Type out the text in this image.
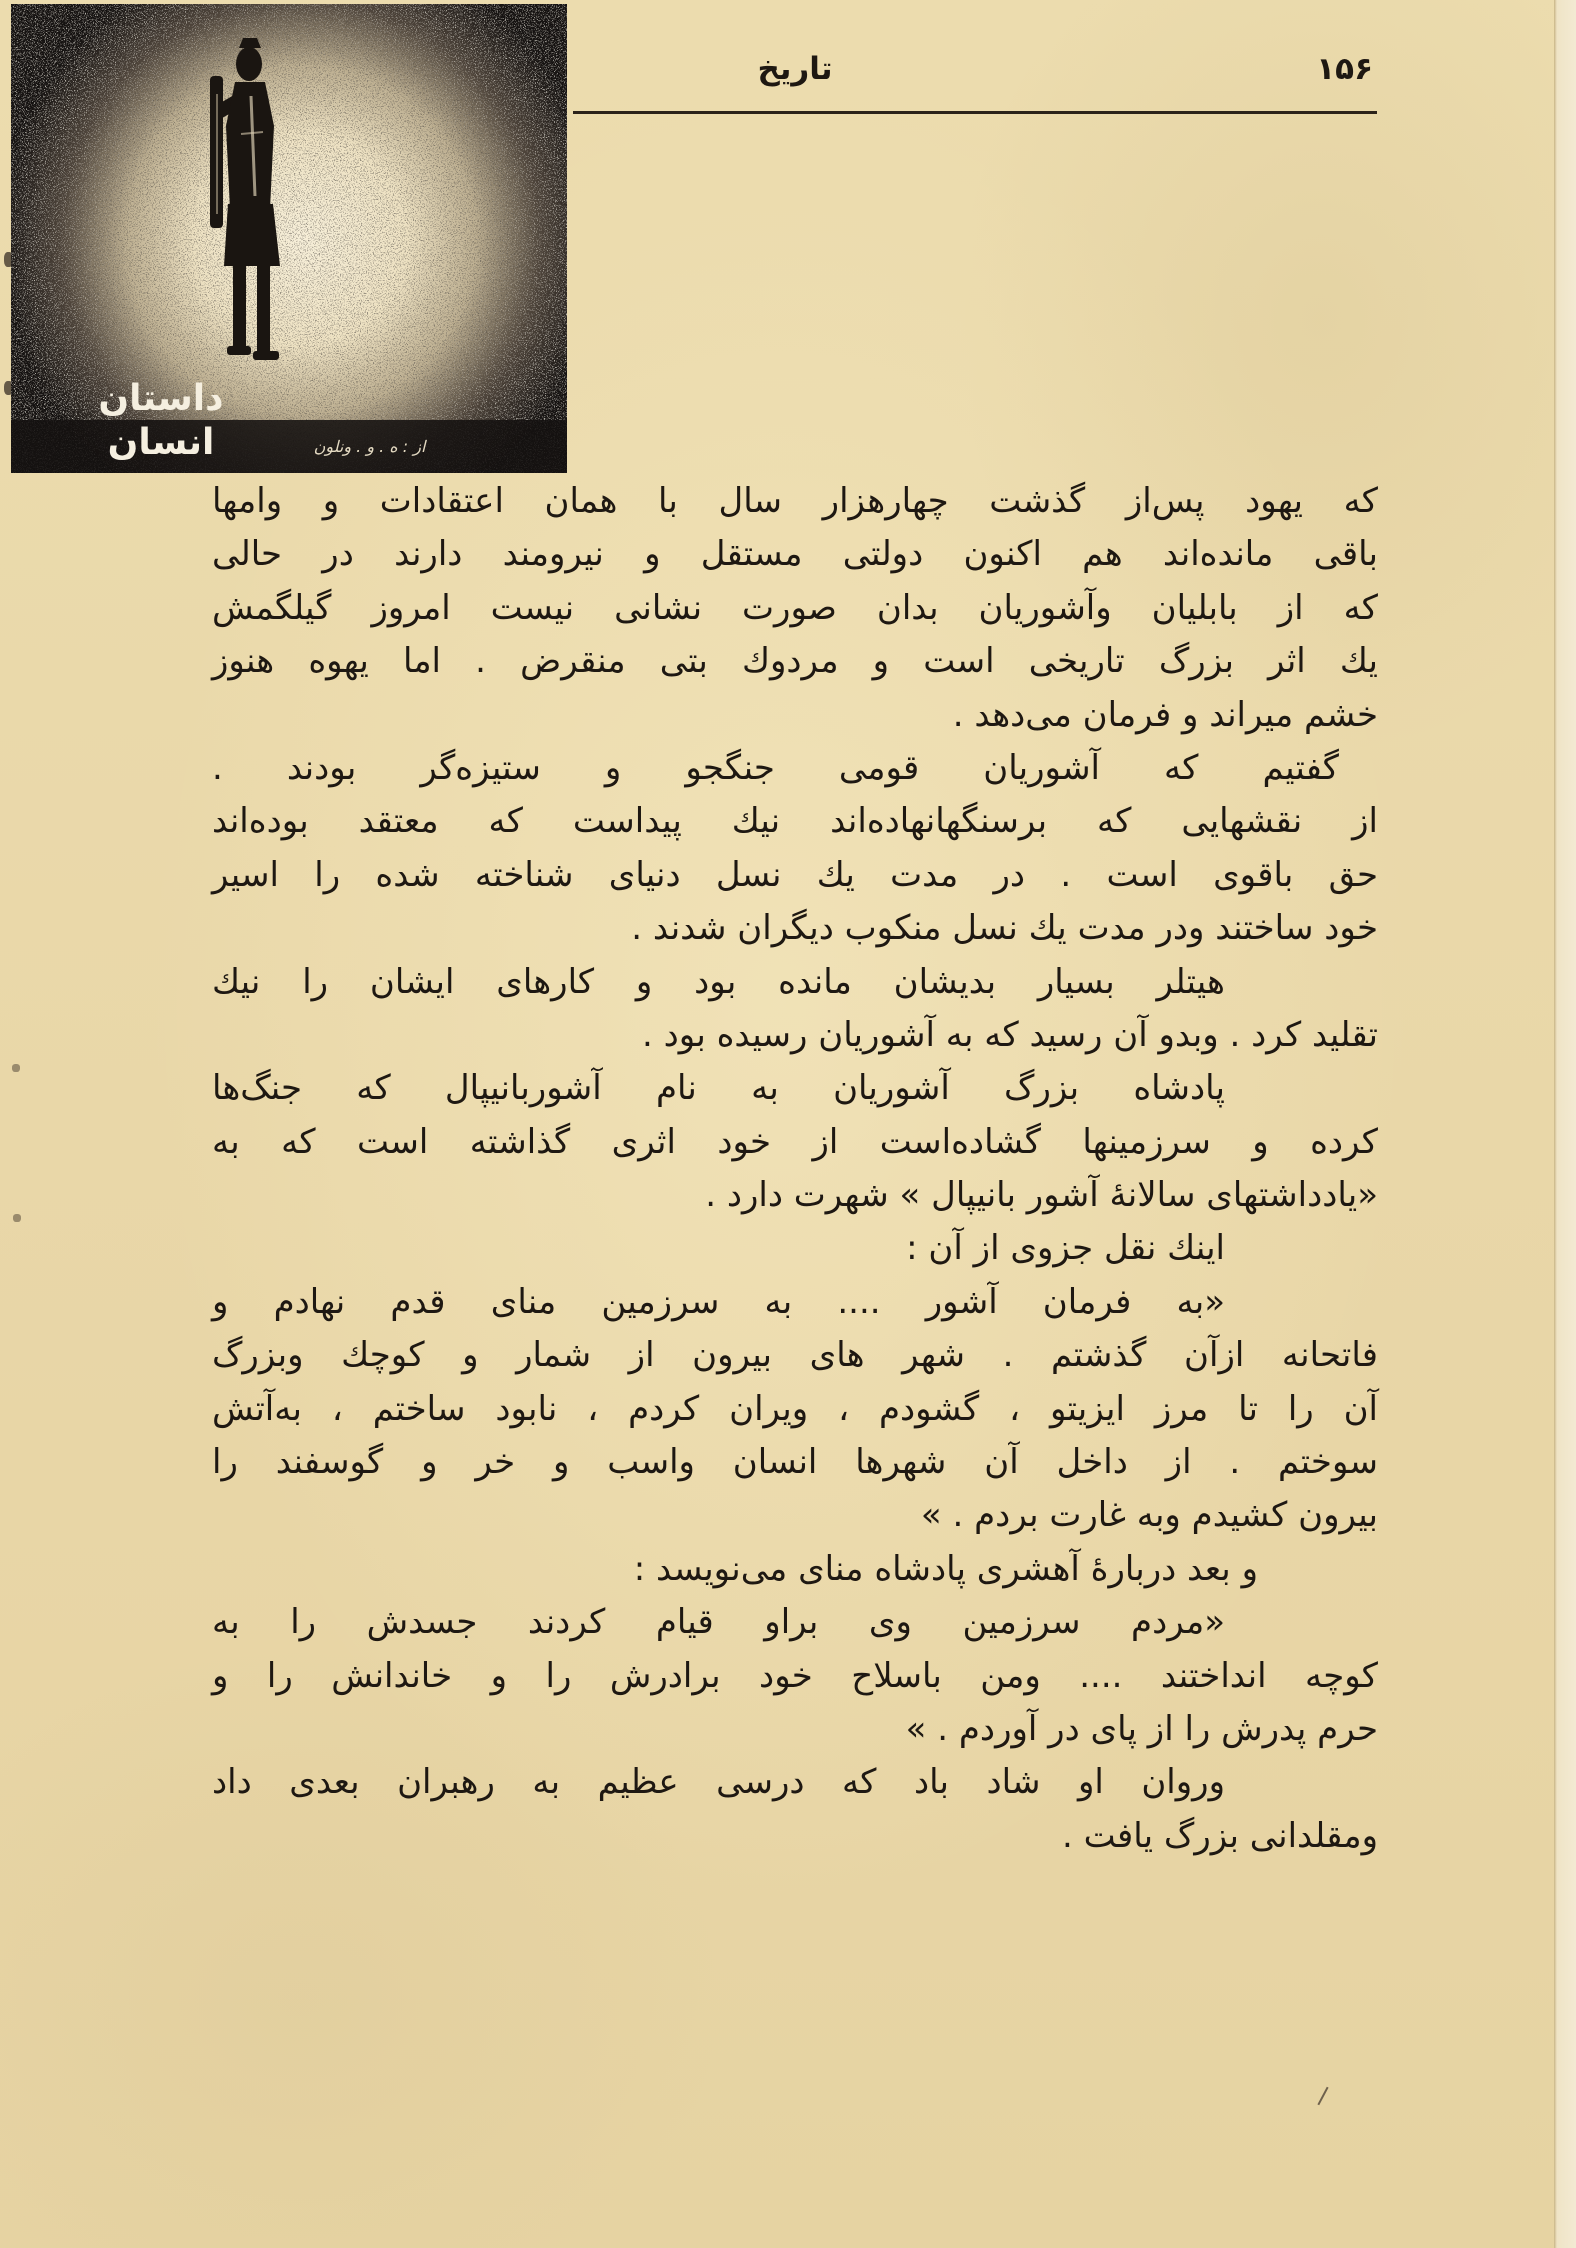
از : ه . و . ونلون
داستان انسان
تاریخ	۱۵۶
که یهود پس‌از گذشت چهارهزار سال با همان اعتقادات و وامها
باقی مانده‌اند هم اکنون دولتی مستقل و نیرومند دارند در حالی
که از بابلیان وآشوریان بدان صورت نشانی نیست امروز گیلگمش
یك اثر بزرگ تاریخی است و مردوك بتی منقرض . اما یهوه هنوز
خشم میراند و فرمان می‌دهد .
گفتیم که آشوریان قومی جنگجو و ستیزه‌گر بودند .
از نقشهایی که برسنگهانهاده‌اند نیك پیداست که معتقد بوده‌اند
حق باقوی است . در مدت یك نسل دنیای شناخته شده را اسیر
خود ساختند ودر مدت یك نسل منکوب دیگران شدند .
هیتلر بسیار بدیشان مانده بود و کارهای ایشان را نیك
تقلید کرد . وبدو آن رسید که به آشوریان رسیده بود .
پادشاه بزرگ آشوریان به نام آشوربانیپال که جنگ‌ها
کرده و سرزمینها گشاده‌است از خود اثری گذاشته است که به
«یادداشتهای سالانهٔ آشور بانیپال » شهرت دارد .
اینك نقل جزوی از آن :
«به فرمان آشور .... به سرزمین منای قدم نهادم و
فاتحانه ازآن گذشتم . شهر های بیرون از شمار و کوچك وبزرگ
آن را تا مرز ایزیتو ، گشودم ، ویران کردم ، نابود ساختم ، به‌آتش
سوختم . از داخل آن شهرها انسان واسب و خر و گوسفند را
بیرون کشیدم وبه غارت بردم . »
و بعد دربارهٔ آهشری پادشاه منای می‌نویسد :
«مردم سرزمین وی براو قیام کردند جسدش را به
کوچه انداختند .... ومن باسلاح خود برادرش را و خاندانش را و
حرم پدرش را از پای در آوردم . »
وروان او شاد باد که درسی عظیم به رهبران بعدی داد
ومقلدانی بزرگ یافت .
